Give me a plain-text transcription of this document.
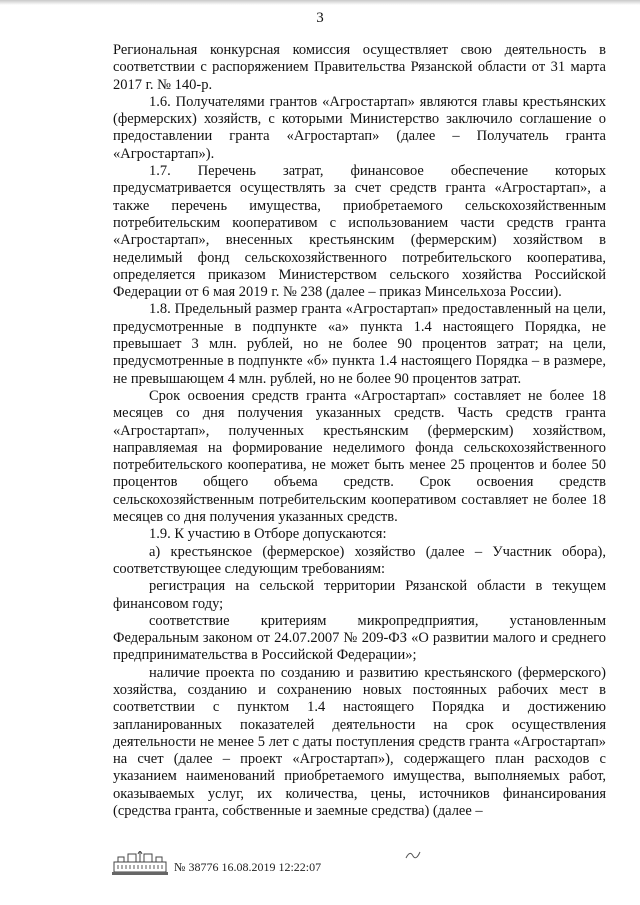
3

Региональная конкурсная комиссия осуществляет свою деятельность в соответствии с распоряжением Правительства Рязанской области от 31 марта 2017 г. № 140-р.

1.6. Получателями грантов «Агростартап» являются главы крестьянских (фермерских) хозяйств, с которыми Министерство заключило соглашение о предоставлении гранта «Агростартап» (далее – Получатель гранта «Агростартап»).

1.7. Перечень затрат, финансовое обеспечение которых предусматривается осуществлять за счет средств гранта «Агростартап», а также перечень имущества, приобретаемого сельскохозяйственным потребительским кооперативом с использованием части средств гранта «Агростартап», внесенных крестьянским (фермерским) хозяйством в неделимый фонд сельскохозяйственного потребительского кооператива, определяется приказом Министерством сельского хозяйства Российской Федерации от 6 мая 2019 г. № 238 (далее – приказ Минсельхоза России).

1.8. Предельный размер гранта «Агростартап» предоставленный на цели, предусмотренные в подпункте «а» пункта 1.4 настоящего Порядка, не превышает 3 млн. рублей, но не более 90 процентов затрат; на цели, предусмотренные в подпункте «б» пункта 1.4 настоящего Порядка – в размере, не превышающем 4 млн. рублей, но не более 90 процентов затрат.

Срок освоения средств гранта «Агростартап» составляет не более 18 месяцев со дня получения указанных средств. Часть средств гранта «Агростартап», полученных крестьянским (фермерским) хозяйством, направляемая на формирование неделимого фонда сельскохозяйственного потребительского кооператива, не может быть менее 25 процентов и более 50 процентов общего объема средств. Срок освоения средств сельскохозяйственным потребительским кооперативом составляет не более 18 месяцев со дня получения указанных средств.

1.9. К участию в Отборе допускаются:

а) крестьянское (фермерское) хозяйство (далее – Участник обора), соответствующее следующим требованиям:

регистрация на сельской территории Рязанской области в текущем финансовом году;

соответствие критериям микропредприятия, установленным Федеральным законом от 24.07.2007 № 209-ФЗ «О развитии малого и среднего предпринимательства в Российской Федерации»;

наличие проекта по созданию и развитию крестьянского (фермерского) хозяйства, созданию и сохранению новых постоянных рабочих мест в соответствии с пунктом 1.4 настоящего Порядка и достижению запланированных показателей деятельности на срок осуществления деятельности не менее 5 лет с даты поступления средств гранта «Агростартап» на счет (далее – проект «Агростартап»), содержащего план расходов с указанием наименований приобретаемого имущества, выполняемых работ, оказываемых услуг, их количества, цены, источников финансирования (средства гранта, собственные и заемные средства) (далее –

№ 38776 16.08.2019 12:22:07
